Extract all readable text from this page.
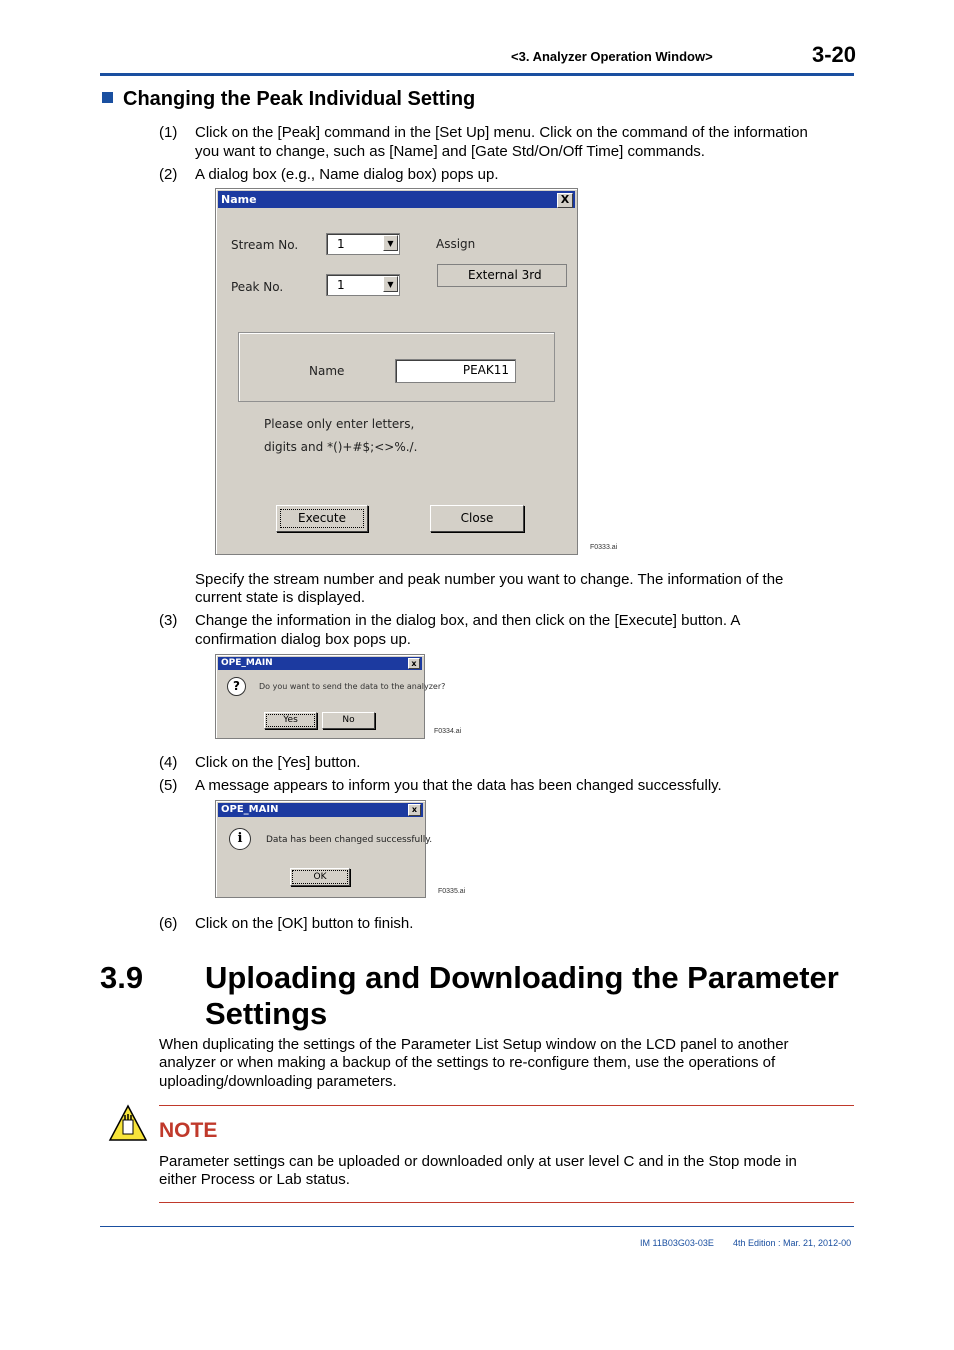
<3. Analyzer Operation Window>	3-20
Changing the Peak Individual Setting
(1) Click on the [Peak] command in the [Set Up] menu. Click on the command of the information
you want to change, such as [Name] and [Gate Std/On/Off Time] commands.
(2) A dialog box (e.g., Name dialog box) pops up.
Name	X
Stream No.	1	▼	Assign
External 3rd
Peak No.	1	▼
Name	PEAK11
Please only enter letters,
digits and *()+#$;<>%./.
Execute	Close
F0333.ai
Specify the stream number and peak number you want to change. The information of the
current state is displayed.
(3) Change the information in the dialog box, and then click on the [Execute] button. A
confirmation dialog box pops up.
OPE_MAIN	x
?	Do you want to send the data to the analyzer?
Yes	No
F0334.ai
(4) Click on the [Yes] button.
(5) A message appears to inform you that the data has been changed successfully.
OPE_MAIN	x
i	Data has been changed successfully.
OK
F0335.ai
(6) Click on the [OK] button to finish.
3.9 Uploading and Downloading the Parameter
Settings
When duplicating the settings of the Parameter List Setup window on the LCD panel to another
analyzer or when making a backup of the settings to re-configure them, use the operations of
uploading/downloading parameters.
NOTE
Parameter settings can be uploaded or downloaded only at user level C and in the Stop mode in
either Process or Lab status.
IM 11B03G03-03E 4th Edition : Mar. 21, 2012-00
